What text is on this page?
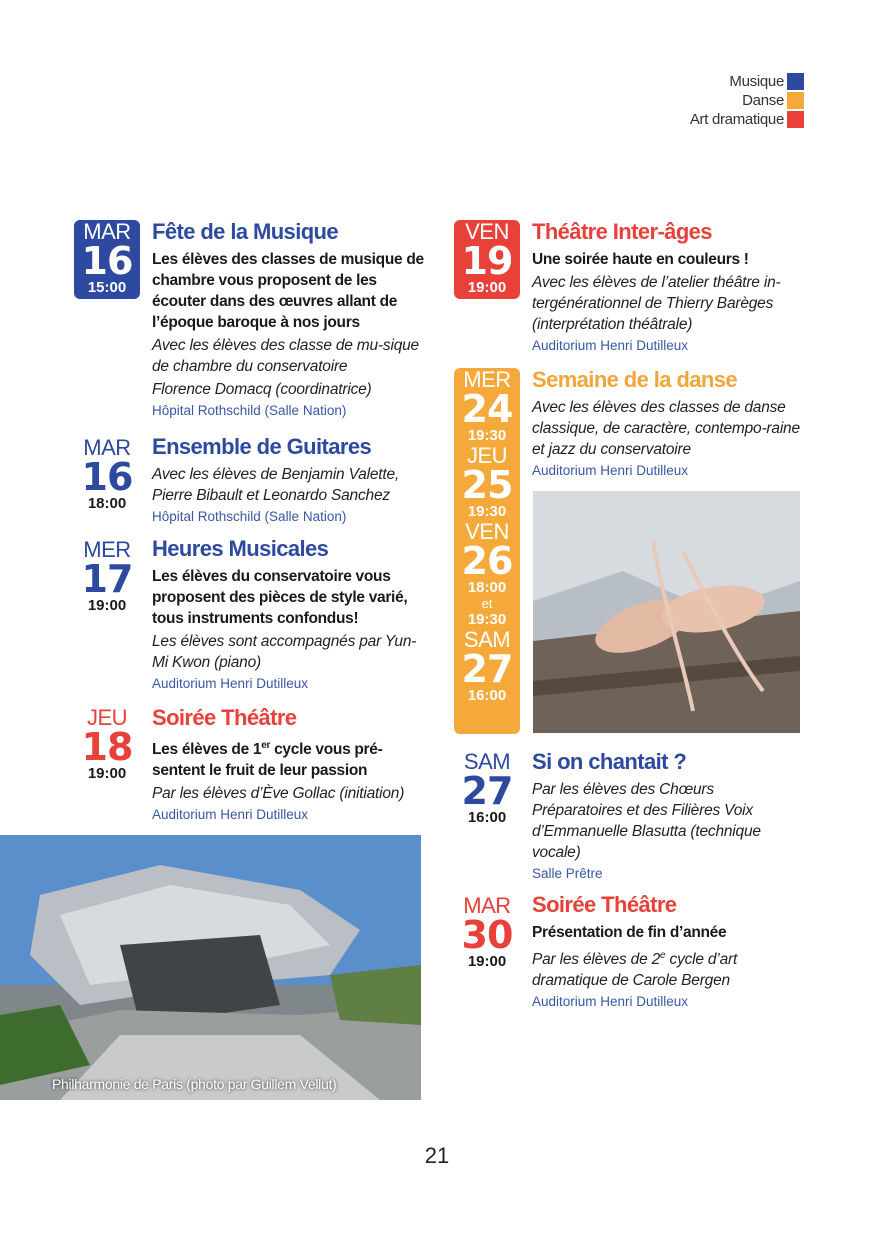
Musique
Danse
Art dramatique
MAR
16
15:00
Fête de la Musique
Les élèves des classes de musique de chambre vous proposent de les écouter dans des œuvres allant de l’époque baroque à nos jours
Avec les élèves des classe de mu-sique de chambre du conservatoire
Florence Domacq (coordinatrice)
Hôpital Rothschild (Salle Nation)
MAR
16
18:00
Ensemble de Guitares
Avec les élèves de Benjamin Valette, Pierre Bibault et Leonardo Sanchez
Hôpital Rothschild (Salle Nation)
MER
17
19:00
Heures Musicales
Les élèves du conservatoire vous proposent des pièces de style varié, tous instruments confondus!
Les élèves sont accompagnés par Yun-Mi Kwon (piano)
Auditorium Henri Dutilleux
JEU
18
19:00
Soirée Théâtre
Les élèves de 1er cycle vous pré-sentent le fruit de leur passion
Par les élèves d’Ève Gollac (initiation)
Auditorium Henri Dutilleux
Philharmonie de Paris (photo par Guillem Vellut)
VEN
19
19:00
Théâtre Inter-âges
Une soirée haute en couleurs !
Avec les élèves de l’atelier théâtre in-tergénérationnel de Thierry Barèges (interprétation théâtrale)
Auditorium Henri Dutilleux
MER
24
19:30
JEU
25
19:30
VEN
26
18:00
et
19:30
SAM
27
16:00
Semaine de la danse
Avec les élèves des classes de danse classique, de caractère, contempo-raine et jazz du conservatoire
Auditorium Henri Dutilleux
SAM
27
16:00
Si on chantait ?
Par les élèves des Chœurs Préparatoires et des Filières Voix d’Emmanuelle Blasutta (technique vocale)
Salle Prêtre
MAR
30
19:00
Soirée Théâtre
Présentation de fin d’année
Par les élèves de 2e cycle d’art dramatique de Carole Bergen
Auditorium Henri Dutilleux
21
